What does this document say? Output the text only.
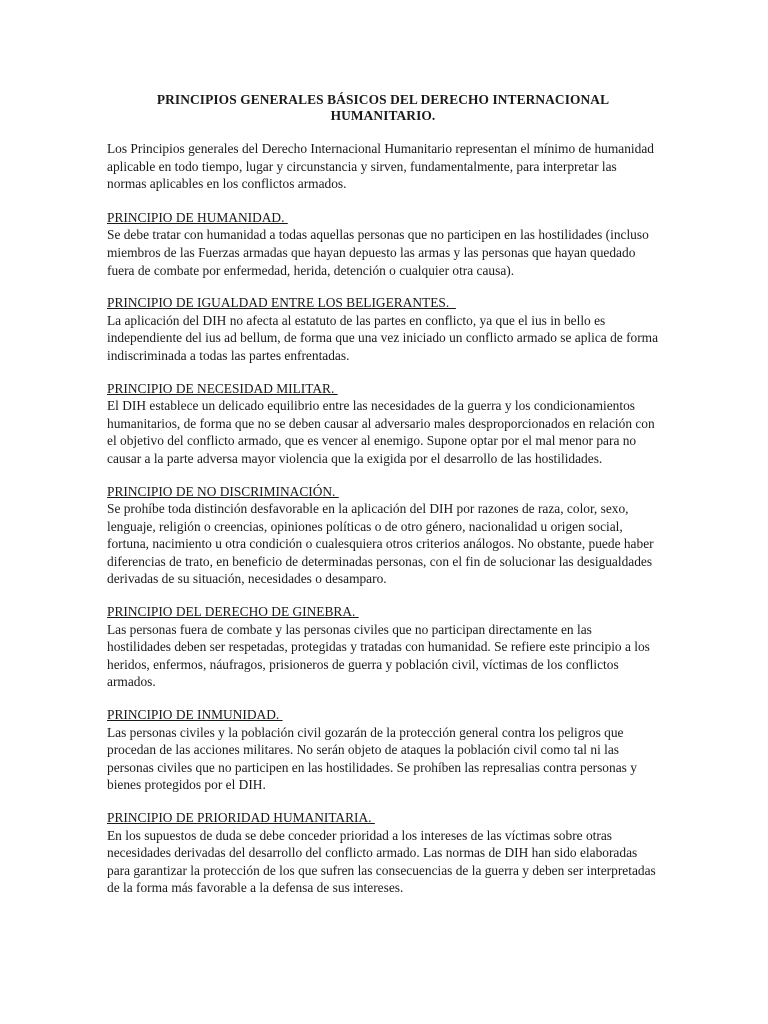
PRINCIPIOS GENERALES BÁSICOS DEL DERECHO INTERNACIONAL HUMANITARIO.

Los Principios generales del Derecho Internacional Humanitario representan el mínimo de humanidad aplicable en todo tiempo, lugar y circunstancia y sirven, fundamentalmente, para interpretar las normas aplicables en los conflictos armados.

PRINCIPIO DE HUMANIDAD.

Se debe tratar con humanidad a todas aquellas personas que no participen en las hostilidades (incluso miembros de las Fuerzas armadas que hayan depuesto las armas y las personas que hayan quedado fuera de combate por enfermedad, herida, detención o cualquier otra causa).

PRINCIPIO DE IGUALDAD ENTRE LOS BELIGERANTES.

La aplicación del DIH no afecta al estatuto de las partes en conflicto, ya que el ius in bello es independiente del ius ad bellum, de forma que una vez iniciado un conflicto armado se aplica de forma indiscriminada a todas las partes enfrentadas.

PRINCIPIO DE NECESIDAD MILITAR.

El DIH establece un delicado equilibrio entre las necesidades de la guerra y los condicionamientos humanitarios, de forma que no se deben causar al adversario males desproporcionados en relación con el objetivo del conflicto armado, que es vencer al enemigo. Supone optar por el mal menor para no causar a la parte adversa mayor violencia que la exigida por el desarrollo de las hostilidades.

PRINCIPIO DE NO DISCRIMINACIÓN.

Se prohíbe toda distinción desfavorable en la aplicación del DIH por razones de raza, color, sexo, lenguaje, religión o creencias, opiniones políticas o de otro género, nacionalidad u origen social, fortuna, nacimiento u otra condición o cualesquiera otros criterios análogos. No obstante, puede haber diferencias de trato, en beneficio de determinadas personas, con el fin de solucionar las desigualdades derivadas de su situación, necesidades o desamparo.

PRINCIPIO DEL DERECHO DE GINEBRA.

Las personas fuera de combate y las personas civiles que no participan directamente en las hostilidades deben ser respetadas, protegidas y tratadas con humanidad. Se refiere este principio a los heridos, enfermos, náufragos, prisioneros de guerra y población civil, víctimas de los conflictos armados.

PRINCIPIO DE INMUNIDAD.

Las personas civiles y la población civil gozarán de la protección general contra los peligros que procedan de las acciones militares. No serán objeto de ataques la población civil como tal ni las personas civiles que no participen en las hostilidades. Se prohíben las represalias contra personas y bienes protegidos por el DIH.

PRINCIPIO DE PRIORIDAD HUMANITARIA.

En los supuestos de duda se debe conceder prioridad a los intereses de las víctimas sobre otras necesidades derivadas del desarrollo del conflicto armado. Las normas de DIH han sido elaboradas para garantizar la protección de los que sufren las consecuencias de la guerra y deben ser interpretadas de la forma más favorable a la defensa de sus intereses.
